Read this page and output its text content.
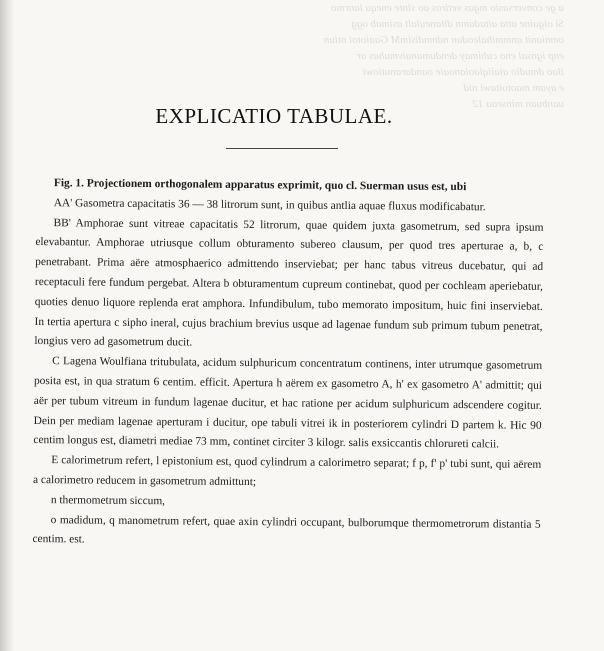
a ge conversasio mgas vetiros ao sinte enequ ianrmo
Si oigaine atta aitadamn ditaneulalt asimab ogg
omnianit anmmihaleodan ndmndisimM Gaaiotoi ntiun
enp ignsal eno cubimay dendumanaivmuhas ar
ilao dmudio aiaiiqiaoianoaie oandaranutiowi
e ayam maotoitawi nid
uanbuan minseaa 12
EXPLICATIO TABULAE.

Fig. 1. Projectionem orthogonalem apparatus exprimit, quo cl. Suerman usus est, ubi

AA' Gasometra capacitatis 36 — 38 litrorum sunt, in quibus antlia aquae fluxus modificabatur.

BB' Amphorae sunt vitreae capacitatis 52 litrorum, quae quidem juxta gasometrum, sed supra ipsum elevabantur. Amphorae utriusque collum obturamento subereo clausum, per quod tres aperturae a, b, c penetrabant. Prima aëre atmosphaerico admittendo inserviebat; per hanc tabus vitreus ducebatur, qui ad receptaculi fere fundum pergebat. Altera b obturamentum cupreum continebat, quod per cochleam aperiebatur, quoties denuo liquore replenda erat amphora. Infundibulum, tubo memorato impositum, huic fini inserviebat. In tertia apertura c sipho ineral, cujus brachium brevius usque ad lagenae fundum sub primum tubum penetrat, longius vero ad gasometrum ducit.

C Lagena Woulfiana tritubulata, acidum sulphuricum concentratum continens, inter utrumque gasometrum posita est, in qua stratum 6 centim. efficit. Apertura h aërem ex gasometro A, h' ex gasometro A' admittit; qui aër per tubum vitreum in fundum lagenae ducitur, et hac ratione per acidum sulphuricum adscendere cogitur. Dein per mediam lagenae aperturam i ducitur, ope tabuli vitrei ik in posteriorem cylindri D partem k. Hic 90 centim longus est, diametri mediae 73 mm, continet circiter 3 kilogr. salis exsiccantis chlorureti calcii.

E calorimetrum refert, l epistonium est, quod cylindrum a calorimetro separat; f p, f' p' tubi sunt, qui aërem a calorimetro reducem in gasometrum admittunt;

n thermometrum siccum,

o madidum, q manometrum refert, quae axin cylindri occupant, bulborumque thermometrorum distantia 5 centim. est.
